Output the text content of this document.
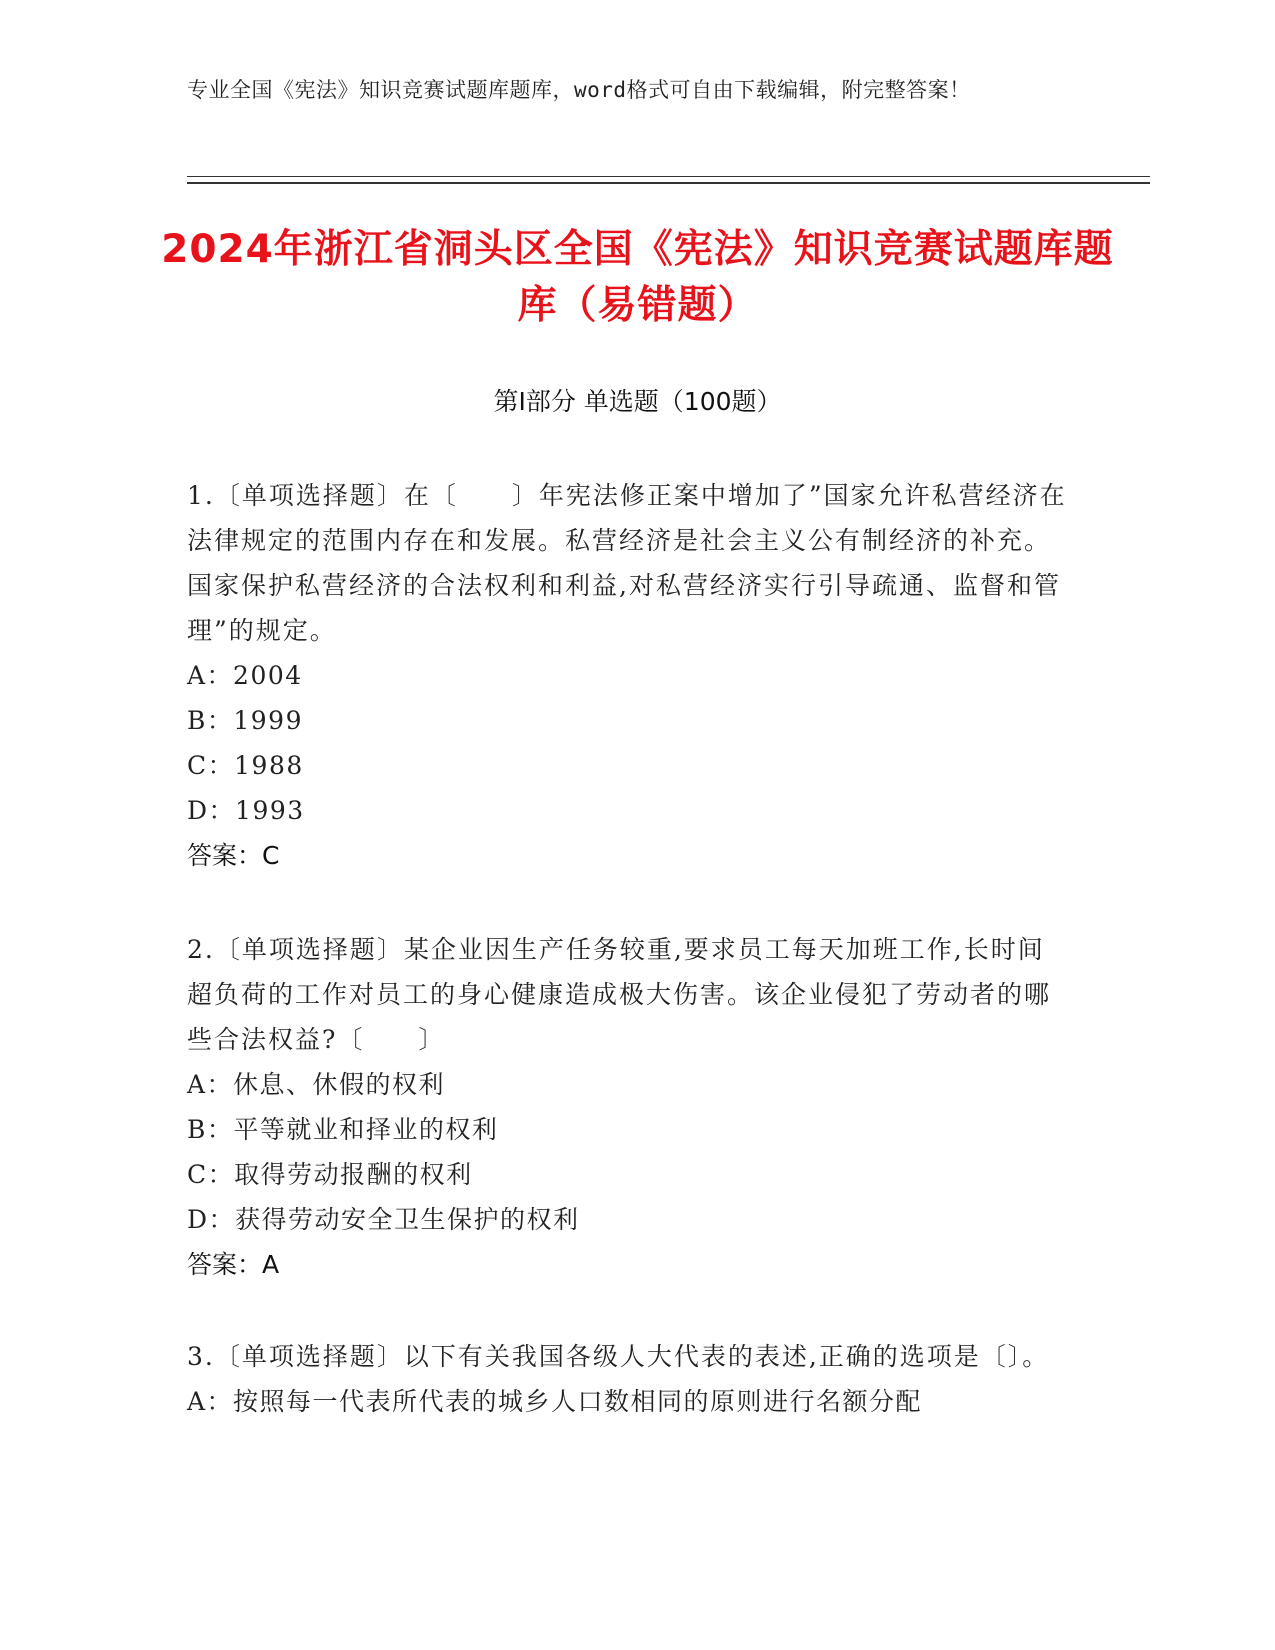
专业全国《宪法》知识竞赛试题库题库，word格式可自由下载编辑，附完整答案！
2024年浙江省洞头区全国《宪法》知识竞赛试题库题库（易错题）
第Ⅰ部分 单选题（100题）
1.〔单项选择题〕在〔　　〕年宪法修正案中增加了”国家允许私营经济在法律规定的范围内存在和发展。私营经济是社会主义公有制经济的补充。国家保护私营经济的合法权利和利益,对私营经济实行引导疏通、监督和管理”的规定。
A：2004
B：1999
C：1988
D：1993
答案：C
2.〔单项选择题〕某企业因生产任务较重,要求员工每天加班工作,长时间超负荷的工作对员工的身心健康造成极大伤害。该企业侵犯了劳动者的哪些合法权益?〔　　〕
A：休息、休假的权利
B：平等就业和择业的权利
C：取得劳动报酬的权利
D：获得劳动安全卫生保护的权利
答案：A
3.〔单项选择题〕以下有关我国各级人大代表的表述,正确的选项是〔〕。
A：按照每一代表所代表的城乡人口数相同的原则进行名额分配
